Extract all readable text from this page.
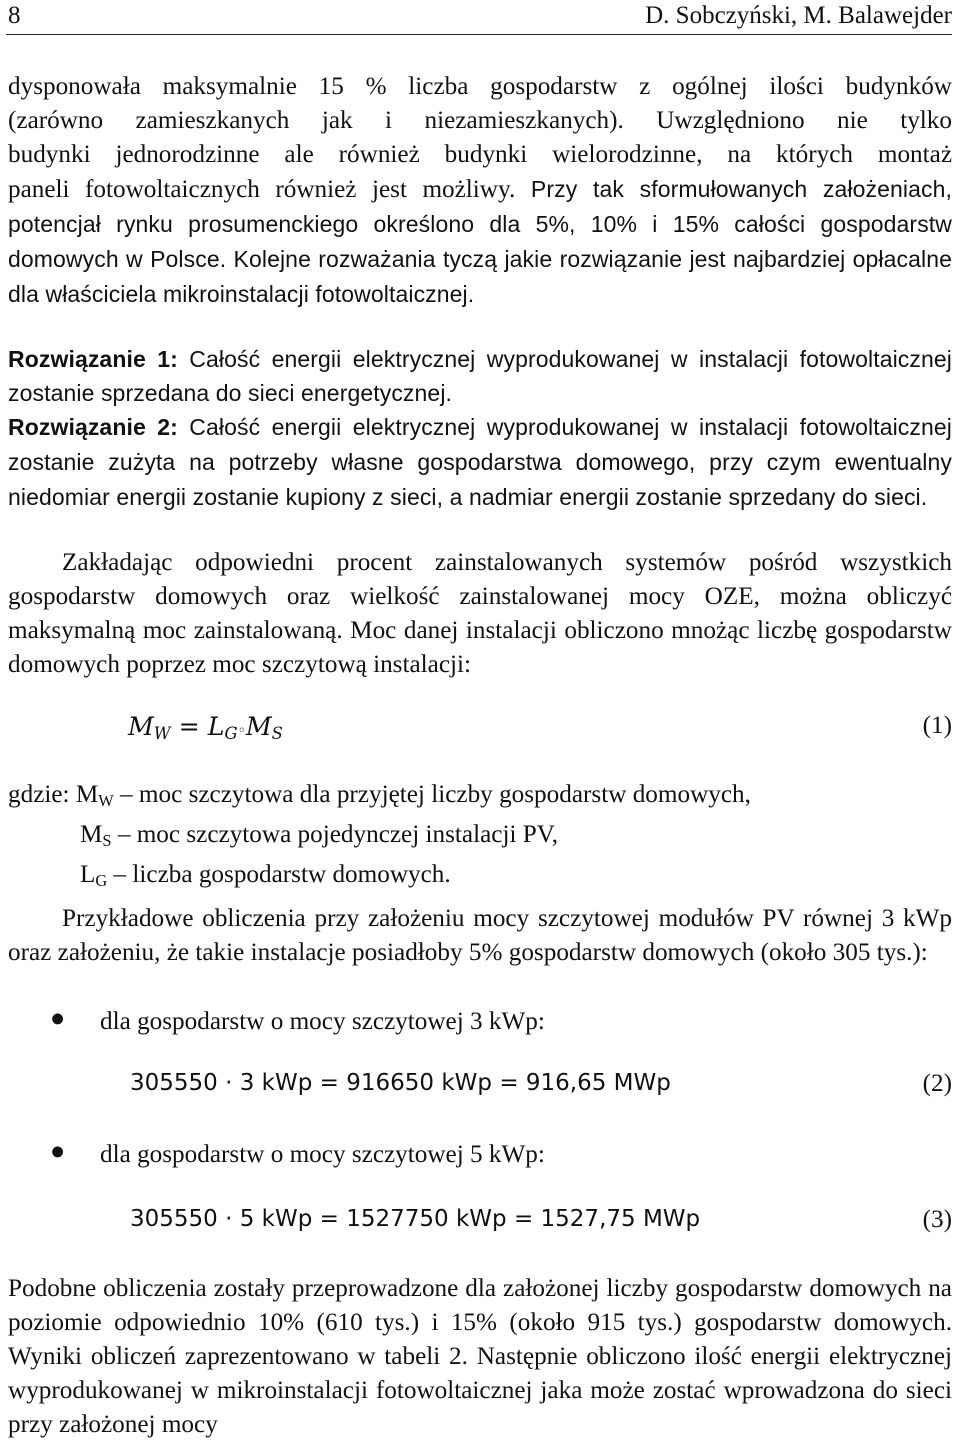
8	D. Sobczyński, M. Balawejder
dysponowała maksymalnie 15 % liczba gospodarstw z ogólnej ilości budynków
(zarówno zamieszkanych jak i niezamieszkanych). Uwzględniono nie tylko
budynki jednorodzinne ale również budynki wielorodzinne, na których montaż
paneli fotowoltaicznych również jest możliwy. Przy tak sformułowanych założeniach, potencjał rynku prosumenckiego określono dla 5%, 10% i 15% całości gospodarstw domowych w Polsce. Kolejne rozważania tyczą jakie rozwiązanie jest najbardziej opłacalne dla właściciela mikroinstalacji fotowoltaicznej.
Rozwiązanie 1: Całość energii elektrycznej wyprodukowanej w instalacji fotowoltaicznej zostanie sprzedana do sieci energetycznej.
Rozwiązanie 2: Całość energii elektrycznej wyprodukowanej w instalacji fotowoltaicznej zostanie zużyta na potrzeby własne gospodarstwa domowego, przy czym ewentualny niedomiar energii zostanie kupiony z sieci, a nadmiar energii zostanie sprzedany do sieci.
Zakładając odpowiedni procent zainstalowanych systemów pośród wszystkich gospodarstw domowych oraz wielkość zainstalowanej mocy OZE, można obliczyć maksymalną moc zainstalowaną. Moc danej instalacji obliczono mnożąc liczbę gospodarstw domowych poprzez moc szczytową instalacji:
$M_W$ = $L_G◦M_S$	(1)
gdzie: $M_W$ – moc szczytowa dla przyjętej liczby gospodarstw domowych,
$M_S$ – moc szczytowa pojedynczej instalacji PV,
$L_G$ – liczba gospodarstw domowych.
Przykładowe obliczenia przy założeniu mocy szczytowej modułów PV równej 3 kWp oraz założeniu, że takie instalacje posiadłoby 5% gospodarstw domowych (około 305 tys.):
● dla gospodarstw o mocy szczytowej 3 kWp:
305550 · 3 kWp = 916650 kWp = 916,65 MWp	(2)
● dla gospodarstw o mocy szczytowej 5 kWp:
305550 · 5 kWp = 1527750 kWp = 1527,75 MWp	(3)
Podobne obliczenia zostały przeprowadzone dla założonej liczby gospodarstw domowych na poziomie odpowiednio 10% (610 tys.) i 15% (około 915 tys.) gospodarstw domowych. Wyniki obliczeń zaprezentowano w tabeli 2. Następnie obliczono ilość energii elektrycznej wyprodukowanej w mikroinstalacji fotowoltaicznej jaka może zostać wprowadzona do sieci przy założonej mocy
